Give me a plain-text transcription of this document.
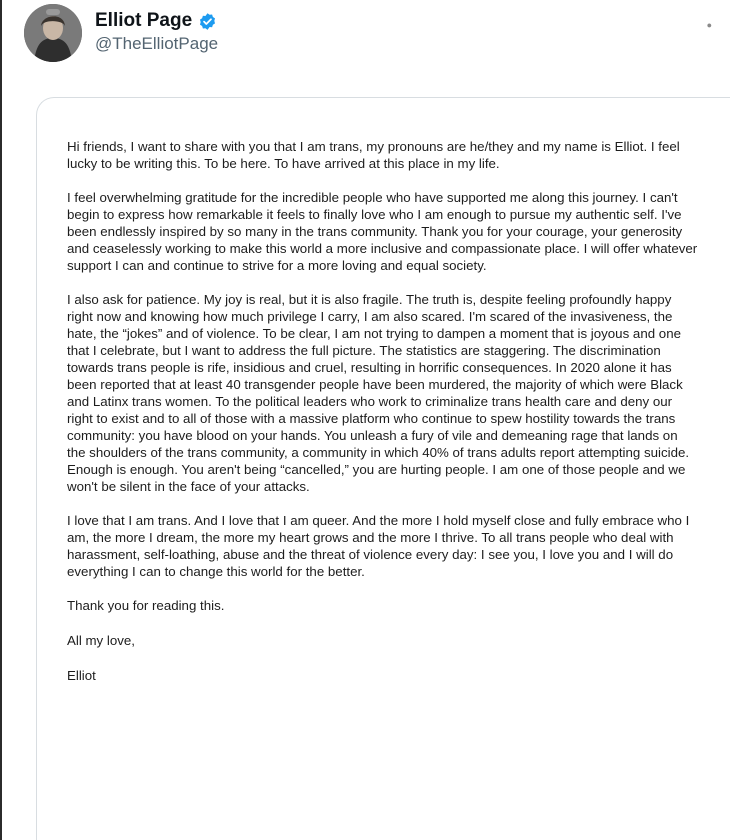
Elliot Page
@TheElliotPage
●

Hi friends, I want to share with you that I am trans, my pronouns are he/they and my name is Elliot. I feel lucky to be writing this. To be here. To have arrived at this place in my life.

I feel overwhelming gratitude for the incredible people who have supported me along this journey. I can't begin to express how remarkable it feels to finally love who I am enough to pursue my authentic self. I've been endlessly inspired by so many in the trans community. Thank you for your courage, your generosity and ceaselessly working to make this world a more inclusive and compassionate place. I will offer whatever support I can and continue to strive for a more loving and equal society.

I also ask for patience. My joy is real, but it is also fragile. The truth is, despite feeling profoundly happy right now and knowing how much privilege I carry, I am also scared. I'm scared of the invasiveness, the hate, the “jokes” and of violence. To be clear, I am not trying to dampen a moment that is joyous and one that I celebrate, but I want to address the full picture. The statistics are staggering. The discrimination towards trans people is rife, insidious and cruel, resulting in horrific consequences. In 2020 alone it has been reported that at least 40 transgender people have been murdered, the majority of which were Black and Latinx trans women. To the political leaders who work to criminalize trans health care and deny our right to exist and to all of those with a massive platform who continue to spew hostility towards the trans community: you have blood on your hands. You unleash a fury of vile and demeaning rage that lands on the shoulders of the trans community, a community in which 40% of trans adults report attempting suicide. Enough is enough. You aren't being “cancelled,” you are hurting people. I am one of those people and we won't be silent in the face of your attacks.

I love that I am trans. And I love that I am queer. And the more I hold myself close and fully embrace who I am, the more I dream, the more my heart grows and the more I thrive. To all trans people who deal with harassment, self-loathing, abuse and the threat of violence every day: I see you, I love you and I will do everything I can to change this world for the better.

Thank you for reading this.

All my love,

Elliot
